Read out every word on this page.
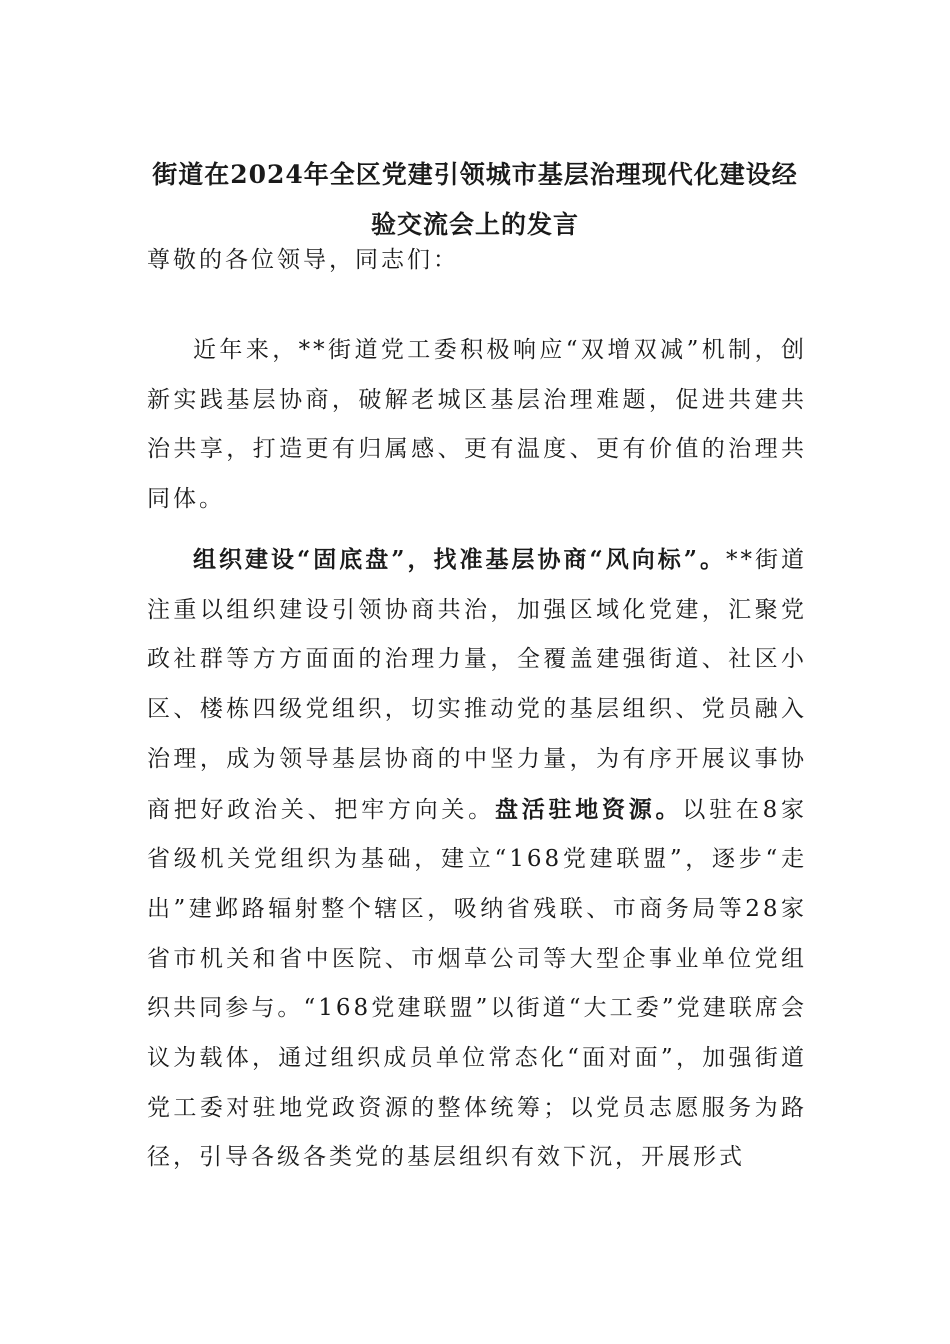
街道在2024年全区党建引领城市基层治理现代化建设经验交流会上的发言

尊敬的各位领导，同志们：

近年来，**街道党工委积极响应“双增双减”机制，创新实践基层协商，破解老城区基层治理难题，促进共建共治共享，打造更有归属感、更有温度、更有价值的治理共同体。

组织建设“固底盘”，找准基层协商“风向标”。**街道注重以组织建设引领协商共治，加强区域化党建，汇聚党政社群等方方面面的治理力量，全覆盖建强街道、社区小区、楼栋四级党组织，切实推动党的基层组织、党员融入治理，成为领导基层协商的中坚力量，为有序开展议事协商把好政治关、把牢方向关。盘活驻地资源。以驻在8家省级机关党组织为基础，建立“168党建联盟”，逐步“走出”建邺路辐射整个辖区，吸纳省残联、市商务局等28家省市机关和省中医院、市烟草公司等大型企事业单位党组织共同参与。“168党建联盟”以街道“大工委”党建联席会议为载体，通过组织成员单位常态化“面对面”，加强街道党工委对驻地党政资源的整体统筹；以党员志愿服务为路径，引导各级各类党的基层组织有效下沉，开展形式
